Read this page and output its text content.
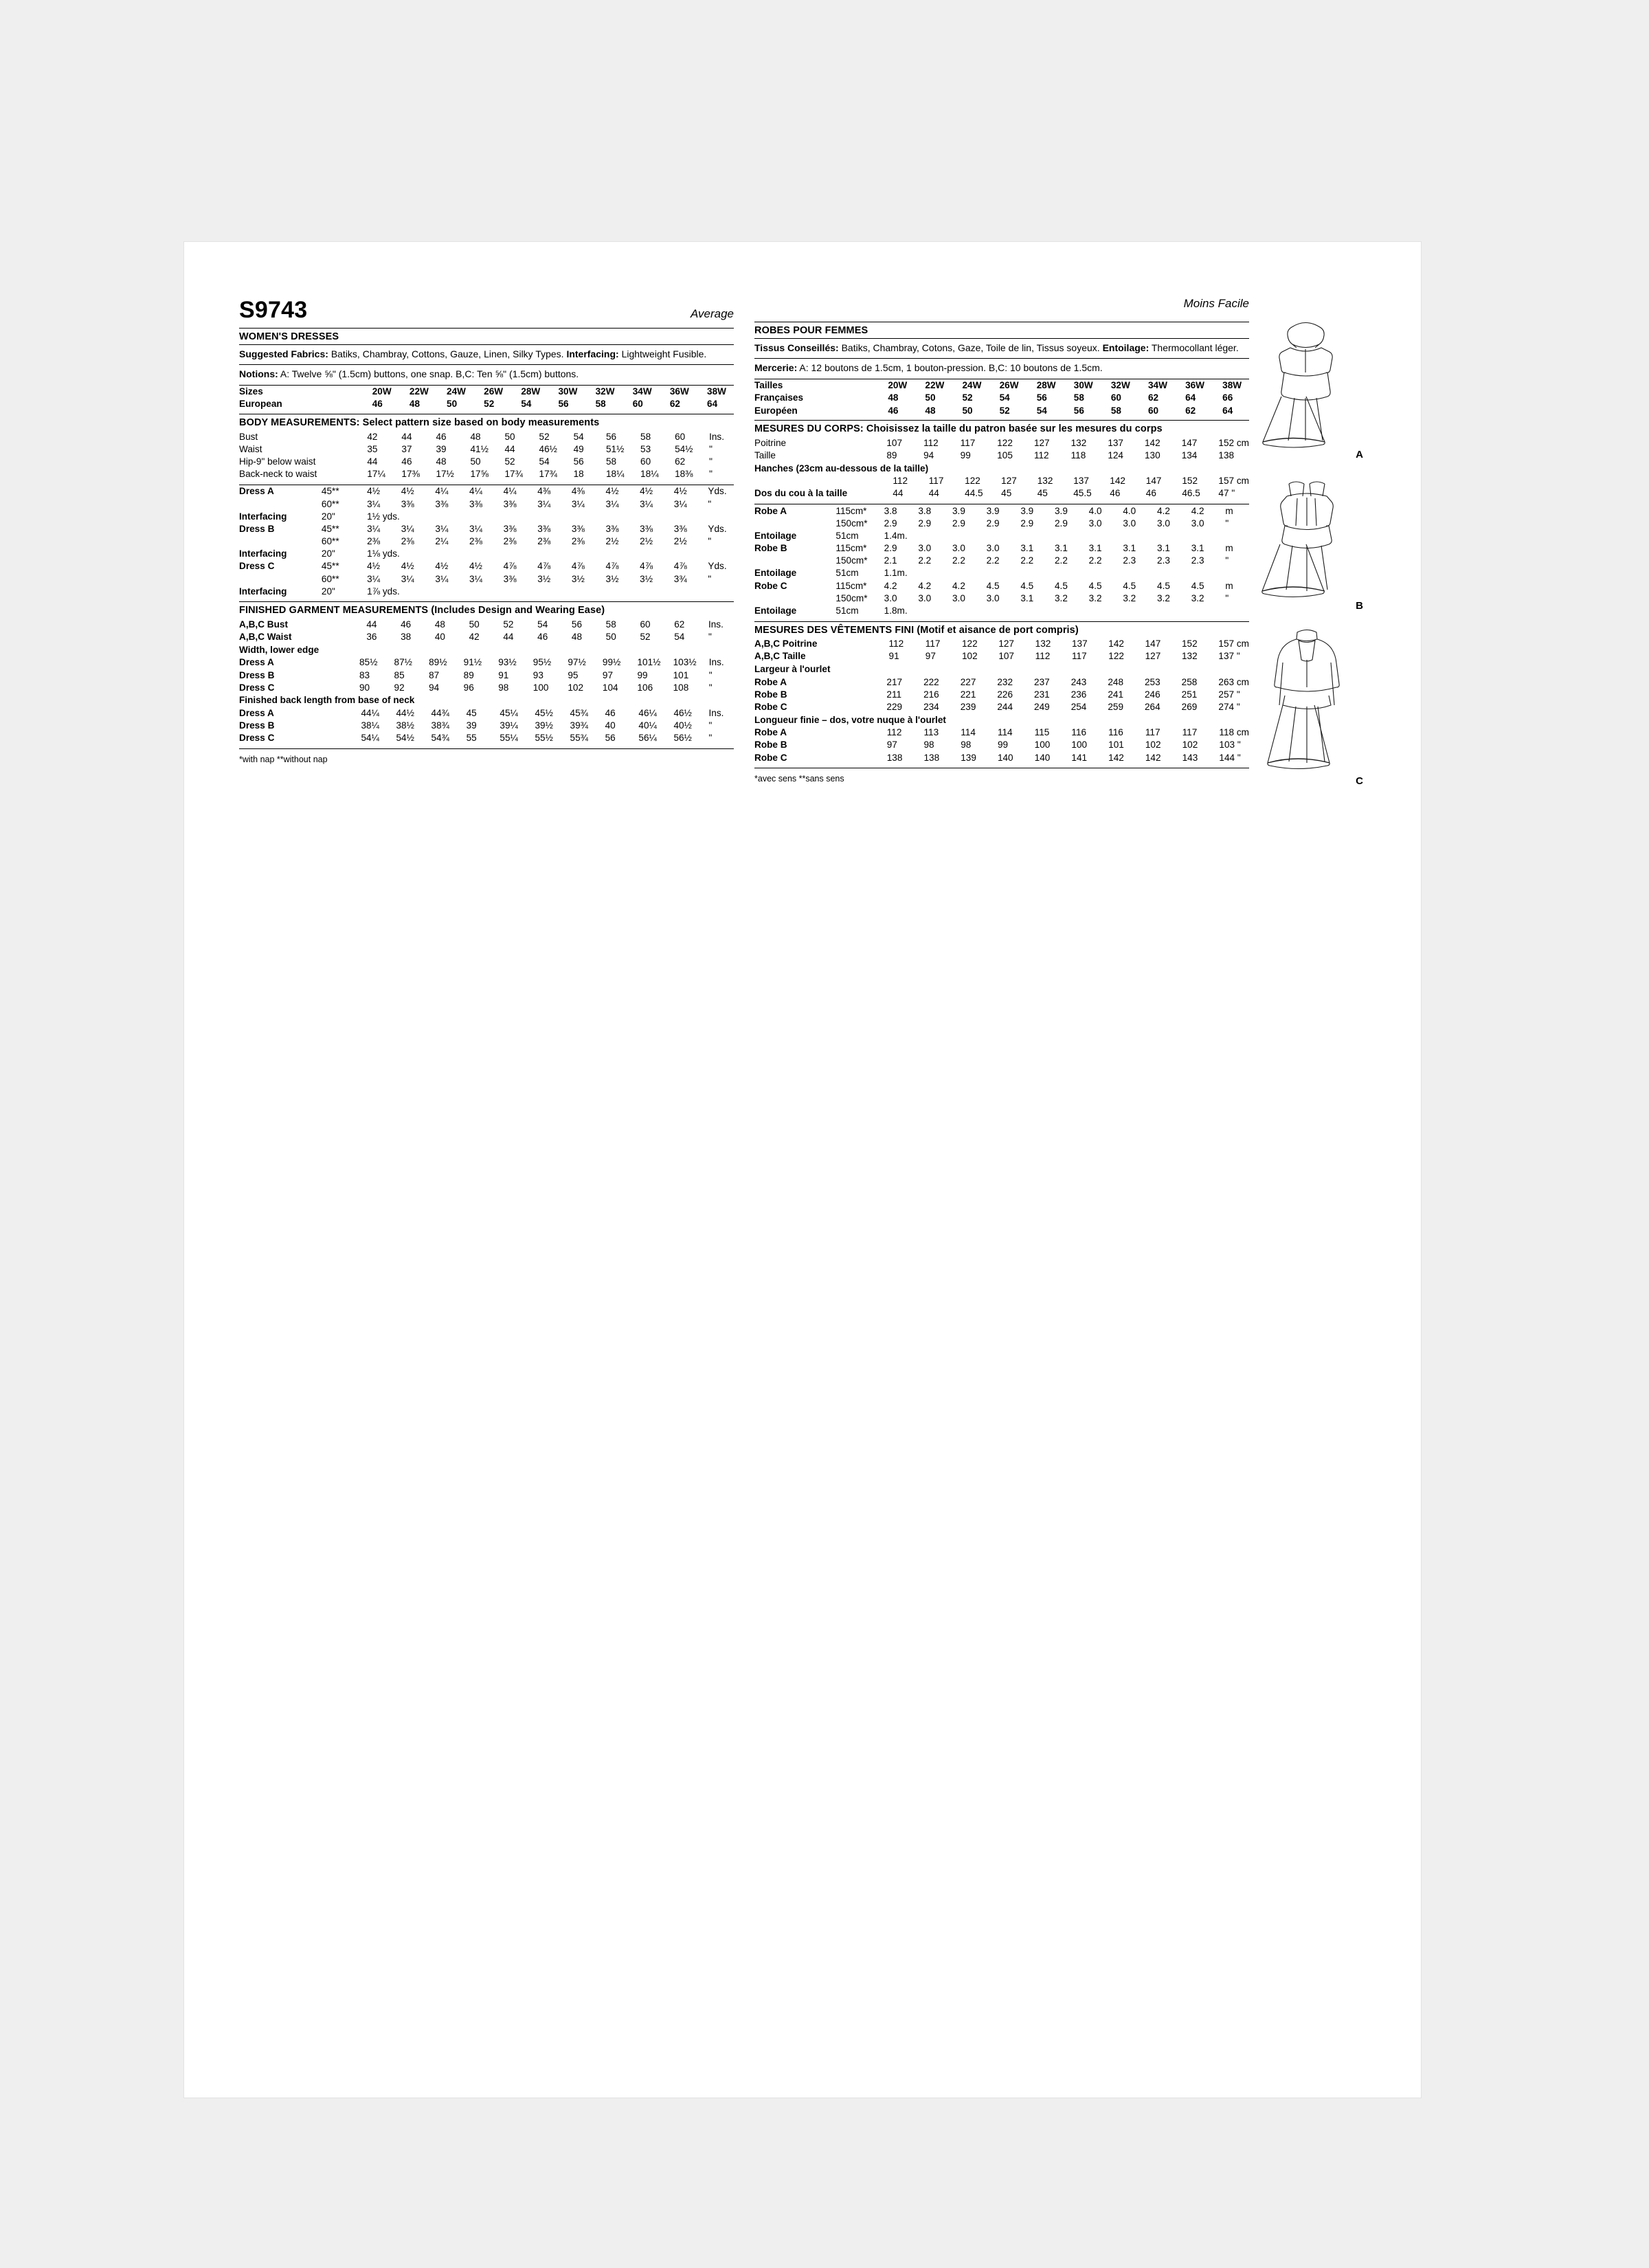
S9743	Average
WOMEN'S DRESSES
Suggested Fabrics: Batiks, Chambray, Cottons, Gauze, Linen, Silky Types. Interfacing: Lightweight Fusible.
Notions: A: Twelve ⅝" (1.5cm) buttons, one snap. B,C: Ten ⅝" (1.5cm) buttons.
Sizes		20W	22W	24W	26W	28W	30W	32W	34W	36W	38W
European		46	48	50	52	54	56	58	60	62	64
BODY MEASUREMENTS: Select pattern size based on body measurements
Bust		42	44	46	48	50	52	54	56	58	60	Ins.
Waist		35	37	39	41½	44	46½	49	51½	53	54½	"
Hip-9" below waist		44	46	48	50	52	54	56	58	60	62	"
Back-neck to waist		17¼	17⅜	17½	17⅝	17¾	17¾	18	18¼	18¼	18⅜	"
Dress A	45**	4½	4½	4¼	4¼	4¼	4⅜	4⅜	4½	4½	4½	Yds.
	60**	3¼	3⅜	3⅜	3⅜	3⅜	3¼	3¼	3¼	3¼	3¼	"
Interfacing	20"	1½ yds.										
Dress B	45**	3¼	3¼	3¼	3¼	3⅜	3⅜	3⅜	3⅜	3⅜	3⅜	Yds.
	60**	2⅜	2⅜	2¼	2⅜	2⅜	2⅜	2⅜	2½	2½	2½	"
Interfacing	20"	1⅛ yds.										
Dress C	45**	4½	4½	4½	4½	4⅞	4⅞	4⅞	4⅞	4⅞	4⅞	Yds.
	60**	3¼	3¼	3¼	3¼	3⅜	3½	3½	3½	3½	3¾	"
Interfacing	20"	1⅞ yds.										
FINISHED GARMENT MEASUREMENTS (Includes Design and Wearing Ease)
A,B,C Bust		44	46	48	50	52	54	56	58	60	62	Ins.
A,B,C Waist		36	38	40	42	44	46	48	50	52	54	"
Width, lower edge
Dress A		85½	87½	89½	91½	93½	95½	97½	99½	101½	103½	Ins.
Dress B		83	85	87	89	91	93	95	97	99	101	"
Dress C		90	92	94	96	98	100	102	104	106	108	"
Finished back length from base of neck
Dress A		44¼	44½	44¾	45	45¼	45½	45¾	46	46¼	46½	Ins.
Dress B		38¼	38½	38¾	39	39¼	39½	39¾	40	40¼	40½	"
Dress C		54¼	54½	54¾	55	55¼	55½	55¾	56	56¼	56½	"
*with nap **without nap
Moins Facile
ROBES POUR FEMMES
Tissus Conseillés: Batiks, Chambray, Cotons, Gaze, Toile de lin, Tissus soyeux. Entoilage: Thermocollant léger.
Mercerie: A: 12 boutons de 1.5cm, 1 bouton-pression. B,C: 10 boutons de 1.5cm.
Tailles		20W	22W	24W	26W	28W	30W	32W	34W	36W	38W
Françaises		48	50	52	54	56	58	60	62	64	66
Européen		46	48	50	52	54	56	58	60	62	64
MESURES DU CORPS: Choisissez la taille du patron basée sur les mesures du corps
Poitrine		107	112	117	122	127	132	137	142	147	152 cm
Taille		89	94	99	105	112	118	124	130	134	138
Hanches (23cm au-dessous de la taille)
		112	117	122	127	132	137	142	147	152	157 cm
Dos du cou à la taille		44	44	44.5	45	45	45.5	46	46	46.5	47 "
Robe A	115cm*	3.8	3.8	3.9	3.9	3.9	3.9	4.0	4.0	4.2	4.2	m
	150cm*	2.9	2.9	2.9	2.9	2.9	2.9	3.0	3.0	3.0	3.0	"
Entoilage	51cm	1.4m.										
Robe B	115cm*	2.9	3.0	3.0	3.0	3.1	3.1	3.1	3.1	3.1	3.1	m
	150cm*	2.1	2.2	2.2	2.2	2.2	2.2	2.2	2.3	2.3	2.3	"
Entoilage	51cm	1.1m.										
Robe C	115cm*	4.2	4.2	4.2	4.5	4.5	4.5	4.5	4.5	4.5	4.5	m
	150cm*	3.0	3.0	3.0	3.0	3.1	3.2	3.2	3.2	3.2	3.2	"
Entoilage	51cm	1.8m.										
MESURES DES VÊTEMENTS FINI (Motif et aisance de port compris)
A,B,C Poitrine		112	117	122	127	132	137	142	147	152	157 cm
A,B,C Taille		91	97	102	107	112	117	122	127	132	137 "
Largeur à l'ourlet
Robe A		217	222	227	232	237	243	248	253	258	263 cm
Robe B		211	216	221	226	231	236	241	246	251	257 "
Robe C		229	234	239	244	249	254	259	264	269	274 "
Longueur finie – dos, votre nuque à l'ourlet
Robe A		112	113	114	114	115	116	116	117	117	118 cm
Robe B		97	98	98	99	100	100	101	102	102	103 "
Robe C		138	138	139	140	140	141	142	142	143	144 "
*avec sens **sans sens
A
B
C
